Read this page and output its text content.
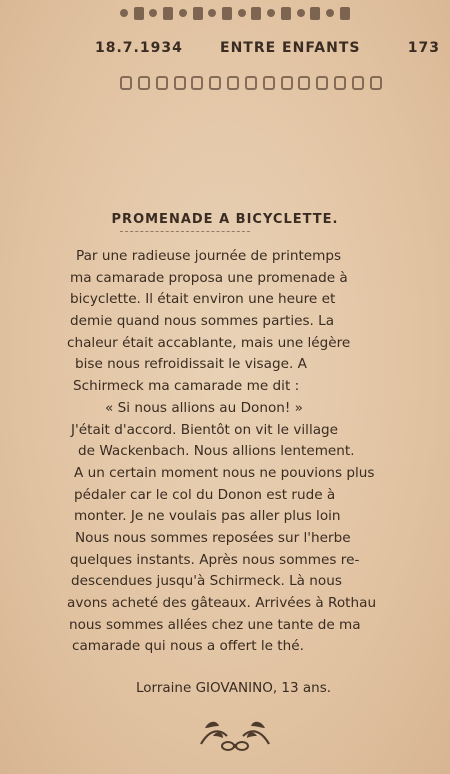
18.7.1934	ENTRE ENFANTS	173
PROMENADE A BICYCLETTE.
Par une radieuse journée de printemps
ma camarade proposa une promenade à
bicyclette. Il était environ une heure et
demie quand nous sommes parties. La
chaleur était accablante, mais une légère
bise nous refroidissait le visage. A
Schirmeck ma camarade me dit :
« Si nous allions au Donon! »
J'était d'accord. Bientôt on vit le village
de Wackenbach. Nous allions lentement.
A un certain moment nous ne pouvions plus
pédaler car le col du Donon est rude à
monter. Je ne voulais pas aller plus loin
Nous nous sommes reposées sur l'herbe
quelques instants. Après nous sommes re-
descendues jusqu'à Schirmeck. Là nous
avons acheté des gâteaux. Arrivées à Rothau
nous sommes allées chez une tante de ma
camarade qui nous a offert le thé.
Lorraine GIOVANINO, 13 ans.
